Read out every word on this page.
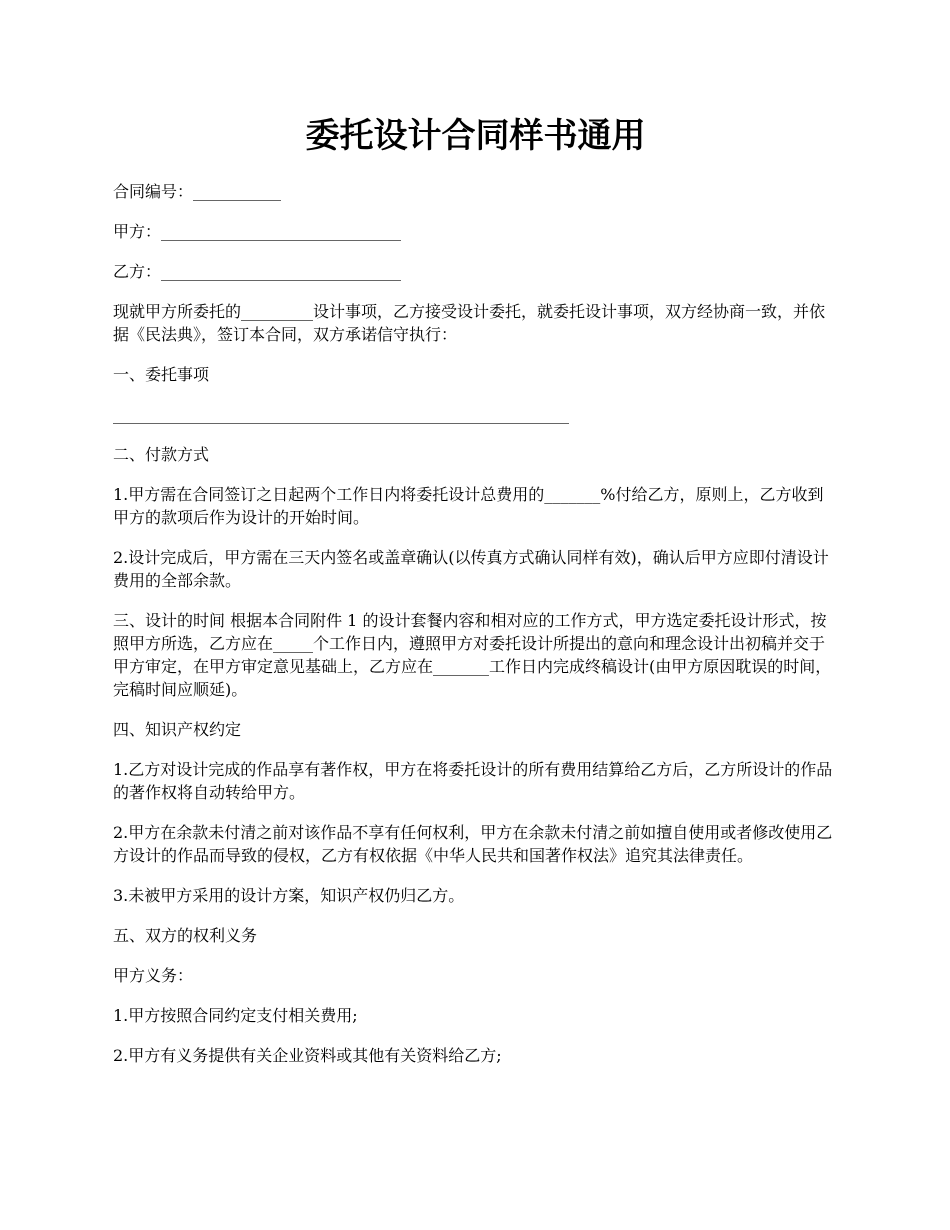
委托设计合同样书通用

合同编号：___________

甲方：______________________________

乙方：______________________________

现就甲方所委托的_________设计事项，乙方接受设计委托，就委托设计事项，双方经协商一致，并依据《民法典》，签订本合同，双方承诺信守执行：

一、委托事项

_________________________________________________________

二、付款方式

1.甲方需在合同签订之日起两个工作日内将委托设计总费用的_______%付给乙方，原则上，乙方收到甲方的款项后作为设计的开始时间。

2.设计完成后，甲方需在三天内签名或盖章确认(以传真方式确认同样有效)，确认后甲方应即付清设计费用的全部余款。

三、设计的时间 根据本合同附件 1 的设计套餐内容和相对应的工作方式，甲方选定委托设计形式，按照甲方所选，乙方应在_____个工作日内，遵照甲方对委托设计所提出的意向和理念设计出初稿并交于甲方审定，在甲方审定意见基础上，乙方应在_______工作日内完成终稿设计(由甲方原因耽误的时间，完稿时间应顺延)。

四、知识产权约定

1.乙方对设计完成的作品享有著作权，甲方在将委托设计的所有费用结算给乙方后，乙方所设计的作品的著作权将自动转给甲方。

2.甲方在余款未付清之前对该作品不享有任何权利，甲方在余款未付清之前如擅自使用或者修改使用乙方设计的作品而导致的侵权，乙方有权依据《中华人民共和国著作权法》追究其法律责任。

3.未被甲方采用的设计方案，知识产权仍归乙方。

五、双方的权利义务

甲方义务：

1.甲方按照合同约定支付相关费用;

2.甲方有义务提供有关企业资料或其他有关资料给乙方;
